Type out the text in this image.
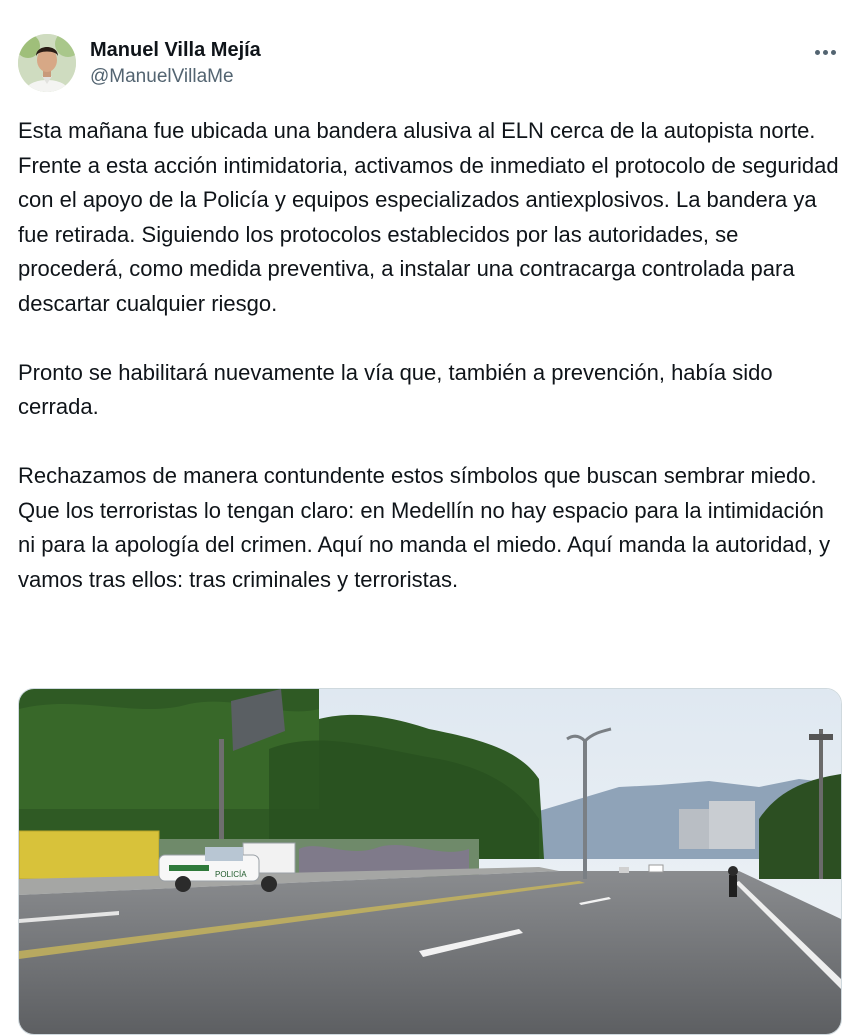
Manuel Villa Mejía
@ManuelVillaMe

Esta mañana fue ubicada una bandera alusiva al ELN cerca de la autopista norte. Frente a esta acción intimidatoria, activamos de inmediato el protocolo de seguridad con el apoyo de la Policía y equipos especializados antiexplosivos. La bandera ya fue retirada. Siguiendo los protocolos establecidos por las autoridades, se procederá, como medida preventiva, a instalar una contracarga controlada para descartar cualquier riesgo.

Pronto se habilitará nuevamente la vía que, también a prevención, había sido cerrada.

Rechazamos de manera contundente estos símbolos que buscan sembrar miedo. Que los terroristas lo tengan claro: en Medellín no hay espacio para la intimidación ni para la apología del crimen. Aquí no manda el miedo. Aquí manda la autoridad, y vamos tras ellos: tras criminales y terroristas.

POLICÍA
